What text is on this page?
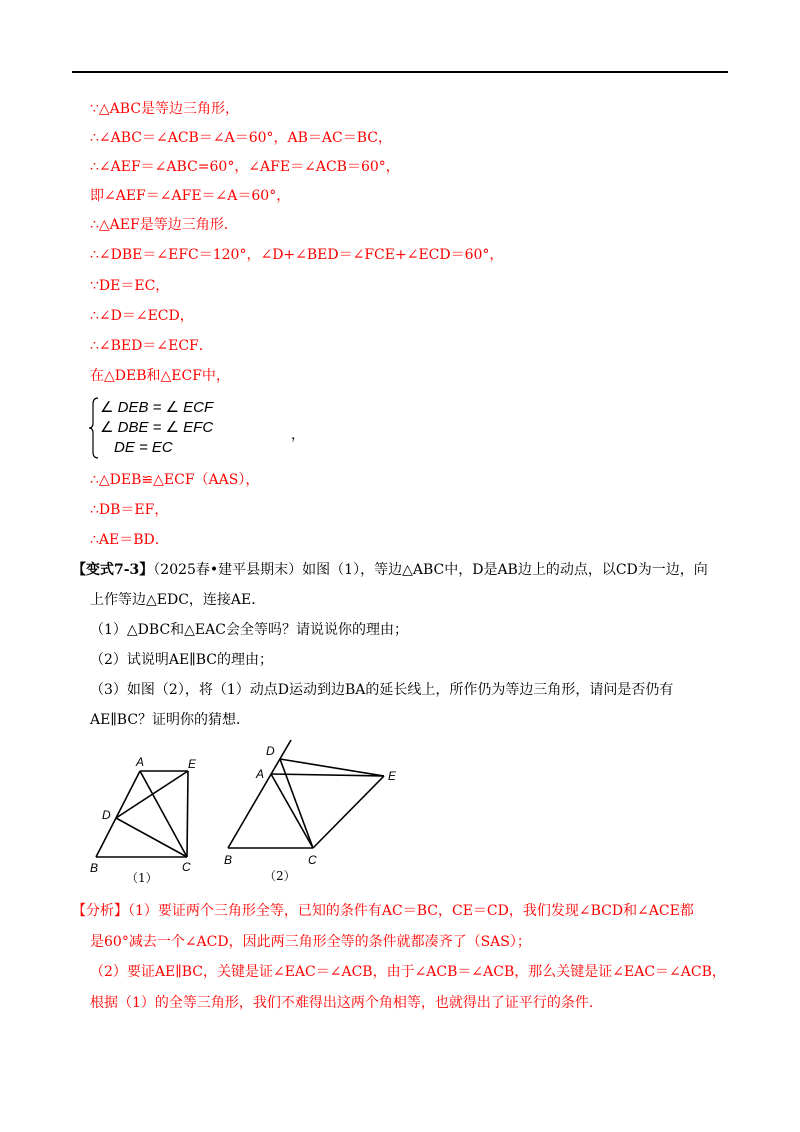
∵△ABC是等边三角形，
∴∠ABC＝∠ACB＝∠A＝60°，AB＝AC＝BC，
∴∠AEF＝∠ABC=60°，∠AFE＝∠ACB＝60°，
即∠AEF＝∠AFE＝∠A＝60°，
∴△AEF是等边三角形．
∴∠DBE＝∠EFC＝120°，∠D+∠BED＝∠FCE+∠ECD＝60°，
∵DE＝EC，
∴∠D＝∠ECD，
∴∠BED＝∠ECF．
在△DEB和△ECF中，
∠ DEB = ∠ ECF
∠ DBE = ∠ EFC
DE = EC
，
∴△DEB≌△ECF（AAS），
∴DB＝EF，
∴AE＝BD．
【变式7-3】（2025春•建平县期末）如图（1），等边△ABC中，D是AB边上的动点，以CD为一边，向
上作等边△EDC，连接AE．
（1）△DBC和△EAC会全等吗？请说说你的理由；
（2）试说明AE∥BC的理由；
（3）如图（2），将（1）动点D运动到边BA的延长线上，所作仍为等边三角形，请问是否仍有
AE∥BC？证明你的猜想．
A	E
D
B	C
（1）
D
A	E
B	C
（2）
【分析】（1）要证两个三角形全等，已知的条件有AC＝BC，CE＝CD，我们发现∠BCD和∠ACE都
是60°减去一个∠ACD，因此两三角形全等的条件就都凑齐了（SAS）；
（2）要证AE∥BC，关键是证∠EAC＝∠ACB，由于∠ACB＝∠ACB，那么关键是证∠EAC＝∠ACB，
根据（1）的全等三角形，我们不难得出这两个角相等，也就得出了证平行的条件．
